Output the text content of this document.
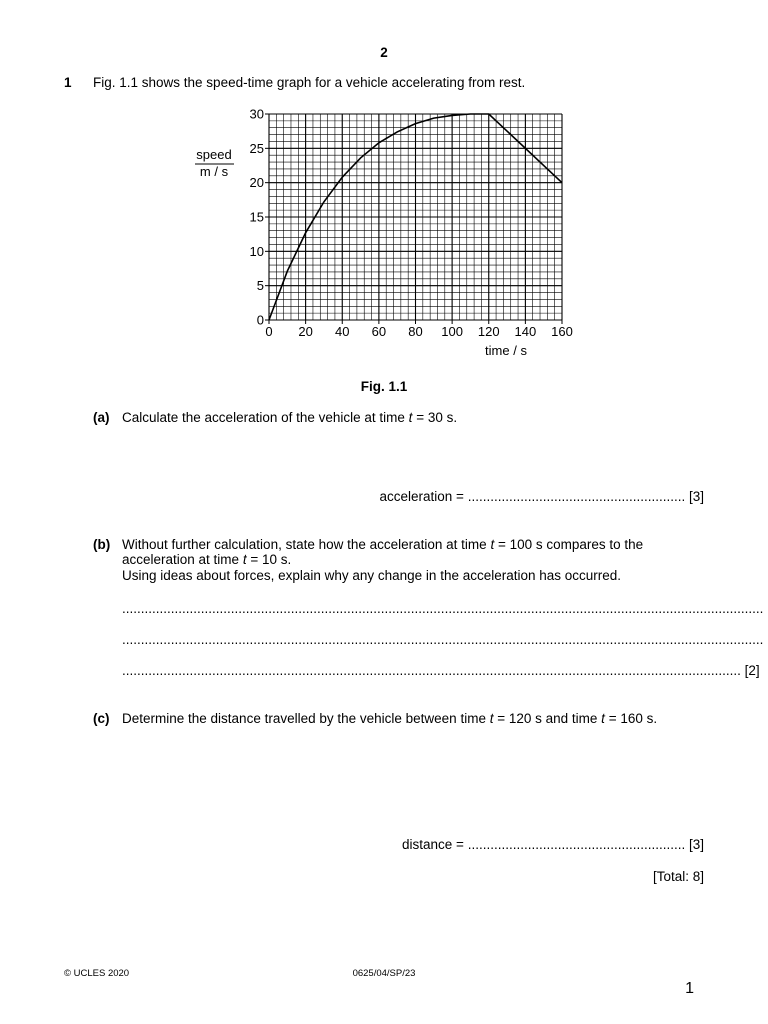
2
1 Fig. 1.1 shows the speed-time graph for a vehicle accelerating from rest.
0 20 40 60 80 100 120 140 160
0
5
10
15
20
25
30
speed
m / s
time / s
Fig. 1.1
(a) Calculate the acceleration of the vehicle at time t = 30 s.
acceleration = .......................................................... [3]
(b) Without further calculation, state how the acceleration at time t = 100 s compares to the
acceleration at time t = 10 s.
Using ideas about forces, explain why any change in the acceleration has occurred.
...........................................................................................................................................................................
...........................................................................................................................................................................
..................................................................................................................................................................... [2]
(c) Determine the distance travelled by the vehicle between time t = 120 s and time t = 160 s.
distance = .......................................................... [3]
[Total: 8]
© UCLES 2020	0625/04/SP/23
1
